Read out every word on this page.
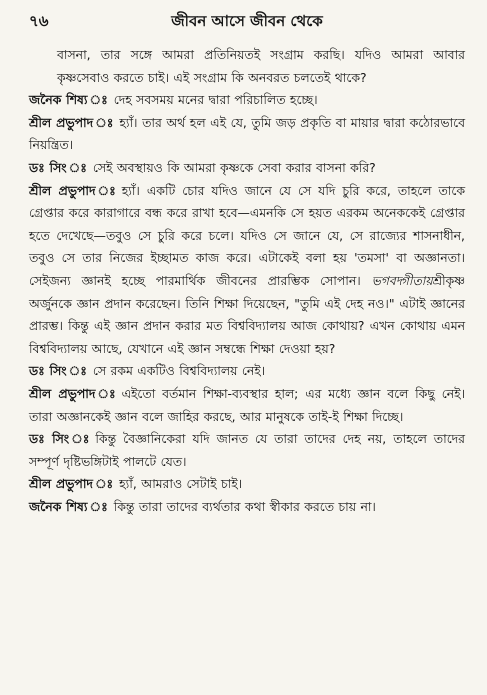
৭৬	জীবন আসে জীবন থেকে

বাসনা, তার সঙ্গে আমরা প্রতিনিয়তই সংগ্রাম করছি। যদিও আমরা আবার কৃষ্ণসেবাও করতে চাই। এই সংগ্রাম কি অনবরত চলতেই থাকে?

জনৈক শিষ্য ঃ দেহ সবসময় মনের দ্বারা পরিচালিত হচ্ছে।

শ্রীল প্রভুপাদ ঃ হ্যাঁ। তার অর্থ হল এই যে, তুমি জড় প্রকৃতি বা মায়ার দ্বারা কঠোরভাবে নিয়ন্ত্রিত।

ডঃ সিং ঃ সেই অবস্থায়ও কি আমরা কৃষ্ণকে সেবা করার বাসনা করি?

শ্রীল প্রভুপাদ ঃ হ্যাঁ। একটি চোর যদিও জানে যে সে যদি চুরি করে, তাহলে তাকে গ্রেপ্তার করে কারাগারে বন্ধ করে রাখা হবে—এমনকি সে হয়ত এরকম অনেককেই গ্রেপ্তার হতে দেখেছে—তবুও সে চুরি করে চলে। যদিও সে জানে যে, সে রাজ্যের শাসনাধীন, তবুও সে তার নিজের ইচ্ছামত কাজ করে। এটাকেই বলা হয় 'তমসা' বা অজ্ঞানতা। সেইজন্য জ্ঞানই হচ্ছে পারমার্থিক জীবনের প্রারম্ভিক সোপান। ভগবদ্গীতায়শ্রীকৃষ্ণ অর্জুনকে জ্ঞান প্রদান করেছেন। তিনি শিক্ষা দিয়েছেন, "তুমি এই দেহ নও।" এটাই জ্ঞানের প্রারম্ভ। কিন্তু এই জ্ঞান প্রদান করার মত বিশ্ববিদ্যালয় আজ কোথায়? এখন কোথায় এমন বিশ্ববিদ্যালয় আছে, যেখানে এই জ্ঞান সম্বন্ধে শিক্ষা দেওয়া হয়?

ডঃ সিং ঃ সে রকম একটিও বিশ্ববিদ্যালয় নেই।

শ্রীল প্রভুপাদ ঃ এইতো বর্তমান শিক্ষা-ব্যবস্থার হাল; এর মধ্যে জ্ঞান বলে কিছু নেই। তারা অজ্ঞানকেই জ্ঞান বলে জাহির করছে, আর মানুষকে তাই-ই শিক্ষা দিচ্ছে।

ডঃ সিং ঃ কিন্তু বৈজ্ঞানিকেরা যদি জানত যে তারা তাদের দেহ নয়, তাহলে তাদের সম্পূর্ণ দৃষ্টিভঙ্গিটাই পালটে যেত।

শ্রীল প্রভুপাদ ঃ হ্যাঁ, আমরাও সেটাই চাই।

জনৈক শিষ্য ঃ কিন্তু তারা তাদের ব্যর্থতার কথা স্বীকার করতে চায় না।
